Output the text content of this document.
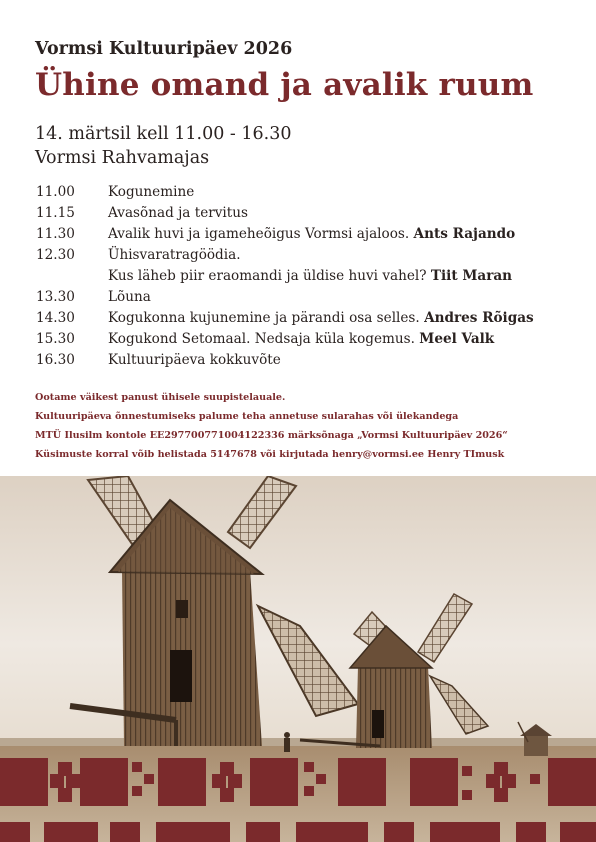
Vormsi Kultuuripäev 2026

Ühine omand ja avalik ruum
14. märtsil kell 11.00 - 16.30
Vormsi Rahvamajas
11.00	Kogunemine
11.15	Avasõnad ja tervitus
11.30	Avalik huvi ja igameheõigus Vormsi ajaloos. Ants Rajando
12.30	Ühisvaratragöödia.
Kus läheb piir eraomandi ja üldise huvi vahel? Tiit Maran
13.30	Lõuna
14.30	Kogukonna kujunemine ja pärandi osa selles. Andres Rõigas
15.30	Kogukond Setomaal. Nedsaja küla kogemus. Meel Valk
16.30	Kultuuripäeva kokkuvõte
Ootame väikest panust ühisele suupistelauale.
Kultuuripäeva õnnestumiseks palume teha annetuse sularahas või ülekandega
MTÜ Ilusilm kontole EE297700771004122336 märksõnaga „Vormsi Kultuuripäev 2026“
Küsimuste korral võib helistada 5147678 või kirjutada henry@vormsi.ee Henry TImusk
